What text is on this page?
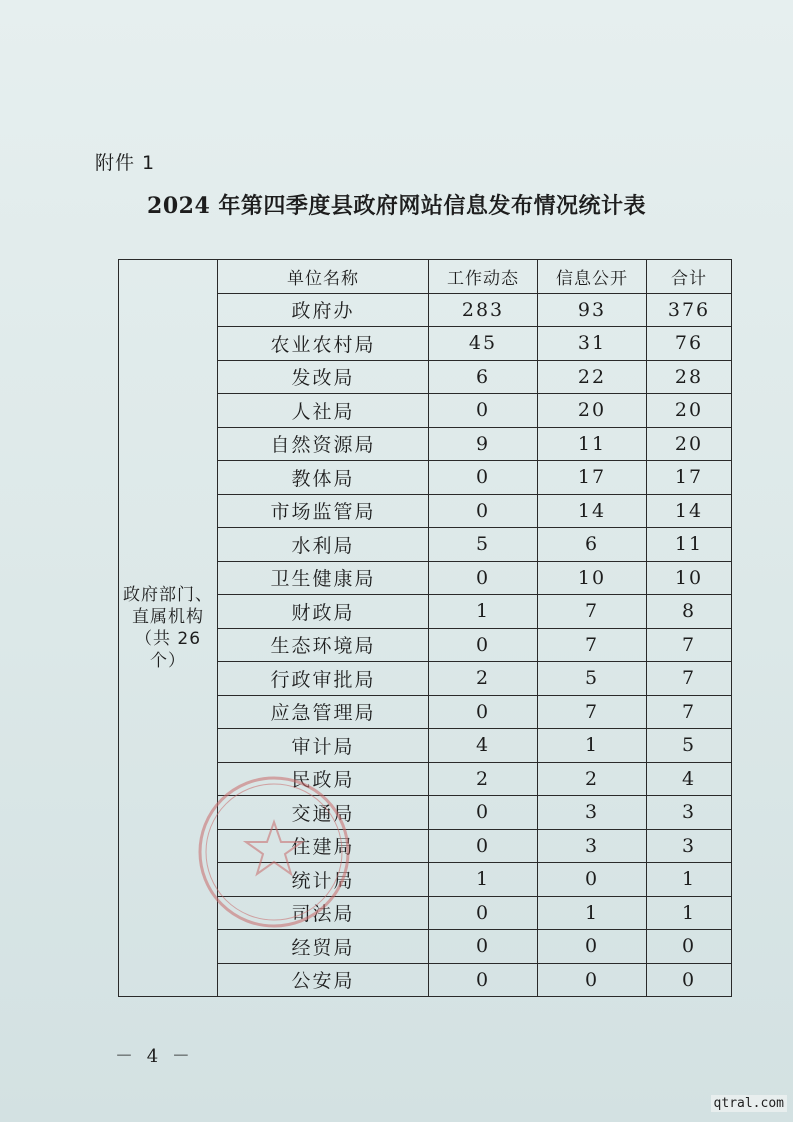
附件 1
2024 年第四季度县政府网站信息发布情况统计表
政府部门、直属机构（共 26 个）	单位名称	工作动态	信息公开	合计
	政府办	283	93	376
	农业农村局	45	31	76
	发改局	6	22	28
	人社局	0	20	20
	自然资源局	9	11	20
	教体局	0	17	17
	市场监管局	0	14	14
	水利局	5	6	11
	卫生健康局	0	10	10
	财政局	1	7	8
	生态环境局	0	7	7
	行政审批局	2	5	7
	应急管理局	0	7	7
	审计局	4	1	5
	民政局	2	2	4
	交通局	0	3	3
	住建局	0	3	3
	统计局	1	0	1
	司法局	0	1	1
	经贸局	0	0	0
	公安局	0	0	0
－ 4 －
qtral.com
